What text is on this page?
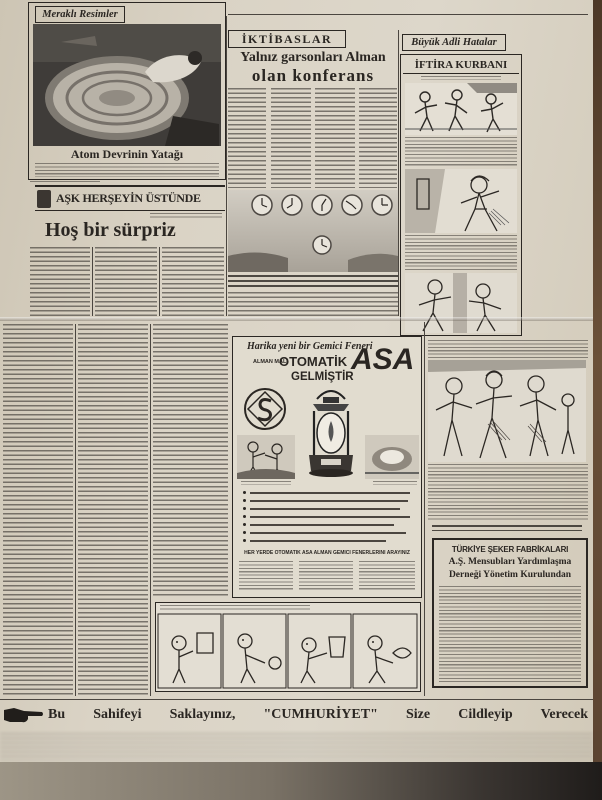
Meraklı Resimler
Atom Devrinin Yatağı
AŞK HERŞEYİN ÜSTÜNDE
Hoş bir sürpriz
İKTİBASLAR
Yalnız garsonları Alman
olan konferans
Büyük Adli Hatalar
İFTİRA KURBANI
Harika yeni bir Gemici Feneri
ALMAN MALI
OTOMATİK ASA
GELMİŞTİR
HER YERDE OTOMATİK ASA ALMAN GEMİCİ FENERLERİNİ ARAYINIZ	TÜRKİYE ŞEKER FABRİKALARI
A.Ş. Mensubları Yardımlaşma
Derneği Yönetim Kurulundan
Bu Sahifeyi Saklayınız, "CUMHURİYET" Size Cildleyip Verecek
